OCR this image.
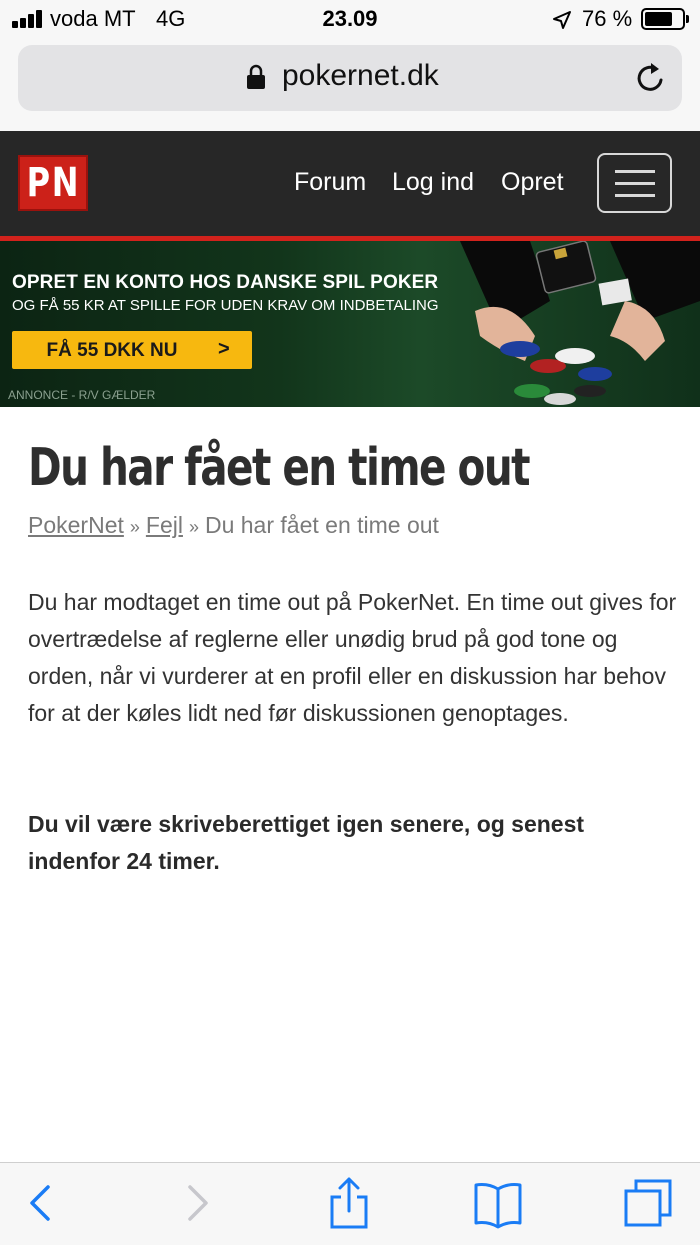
voda MT 4G	23.09	76 %
pokernet.dk
PN	Forum Log ind Opret
OPRET EN KONTO HOS DANSKE SPIL POKER
OG FÅ 55 KR AT SPILLE FOR UDEN KRAV OM INDBETALING
FÅ 55 DKK NU	>
ANNONCE - R/V GÆLDER
Du har fået en time out
PokerNet » Fejl » Du har fået en time out

Du har modtaget en time out på PokerNet. En time out gives for overtrædelse af reglerne eller unødig brud på god tone og orden, når vi vurderer at en profil eller en diskussion har behov for at der køles lidt ned før diskussionen genoptages.

Du vil være skriveberettiget igen senere, og senest indenfor 24 timer.
